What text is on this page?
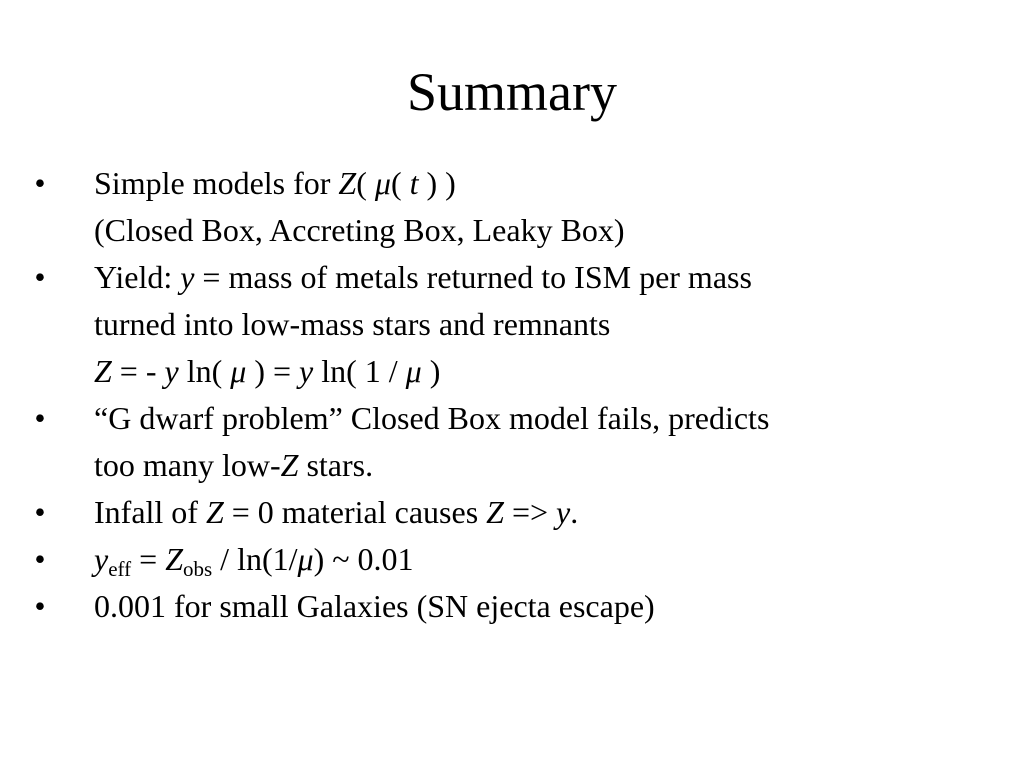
Summary
• Simple models for Z( μ( t ) )
(Closed Box, Accreting Box, Leaky Box)
• Yield: y = mass of metals returned to ISM per mass
turned into low-mass stars and remnants
Z = - y ln( μ ) = y ln( 1 / μ )
• “G dwarf problem” Closed Box model fails, predicts
too many low-Z stars.
• Infall of Z = 0 material causes Z => y.
• $y_{eff} = Z_{obs} / \ln(1/\mu)$ ~ 0.01
• 0.001 for small Galaxies (SN ejecta escape)
